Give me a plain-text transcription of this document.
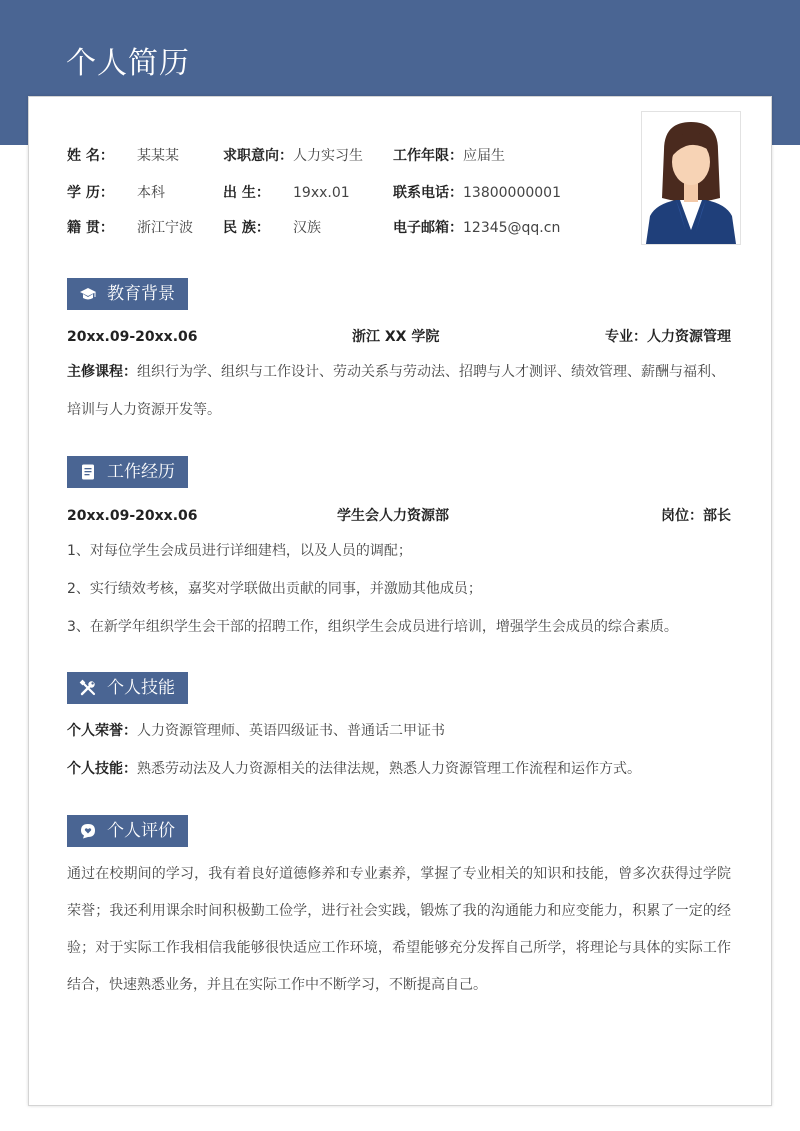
个人简历
姓 名： 某某某	求职意向： 人力实习生 工作年限： 应届生
学 历： 本科	出 生： 19xx.01	联系电话： 13800000001
籍 贯： 浙江宁波 民 族： 汉族	电子邮箱： 12345@qq.cn
教育背景
20xx.09-20xx.06	浙江 XX 学院	专业：人力资源管理
主修课程：组织行为学、组织与工作设计、劳动关系与劳动法、招聘与人才测评、绩效管理、薪酬与福利、
培训与人力资源开发等。
工作经历
20xx.09-20xx.06	学生会人力资源部	岗位：部长
1、对每位学生会成员进行详细建档，以及人员的调配；
2、实行绩效考核，嘉奖对学联做出贡献的同事，并激励其他成员；
3、在新学年组织学生会干部的招聘工作，组织学生会成员进行培训，增强学生会成员的综合素质。
个人技能
个人荣誉：人力资源管理师、英语四级证书、普通话二甲证书
个人技能：熟悉劳动法及人力资源相关的法律法规，熟悉人力资源管理工作流程和运作方式。
个人评价
通过在校期间的学习，我有着良好道德修养和专业素养，掌握了专业相关的知识和技能，曾多次获得过学院荣誉；我还利用课余时间积极勤工俭学，进行社会实践，锻炼了我的沟通能力和应变能力，积累了一定的经验；对于实际工作我相信我能够很快适应工作环境，希望能够充分发挥自己所学，将理论与具体的实际工作结合，快速熟悉业务，并且在实际工作中不断学习，不断提高自己。
